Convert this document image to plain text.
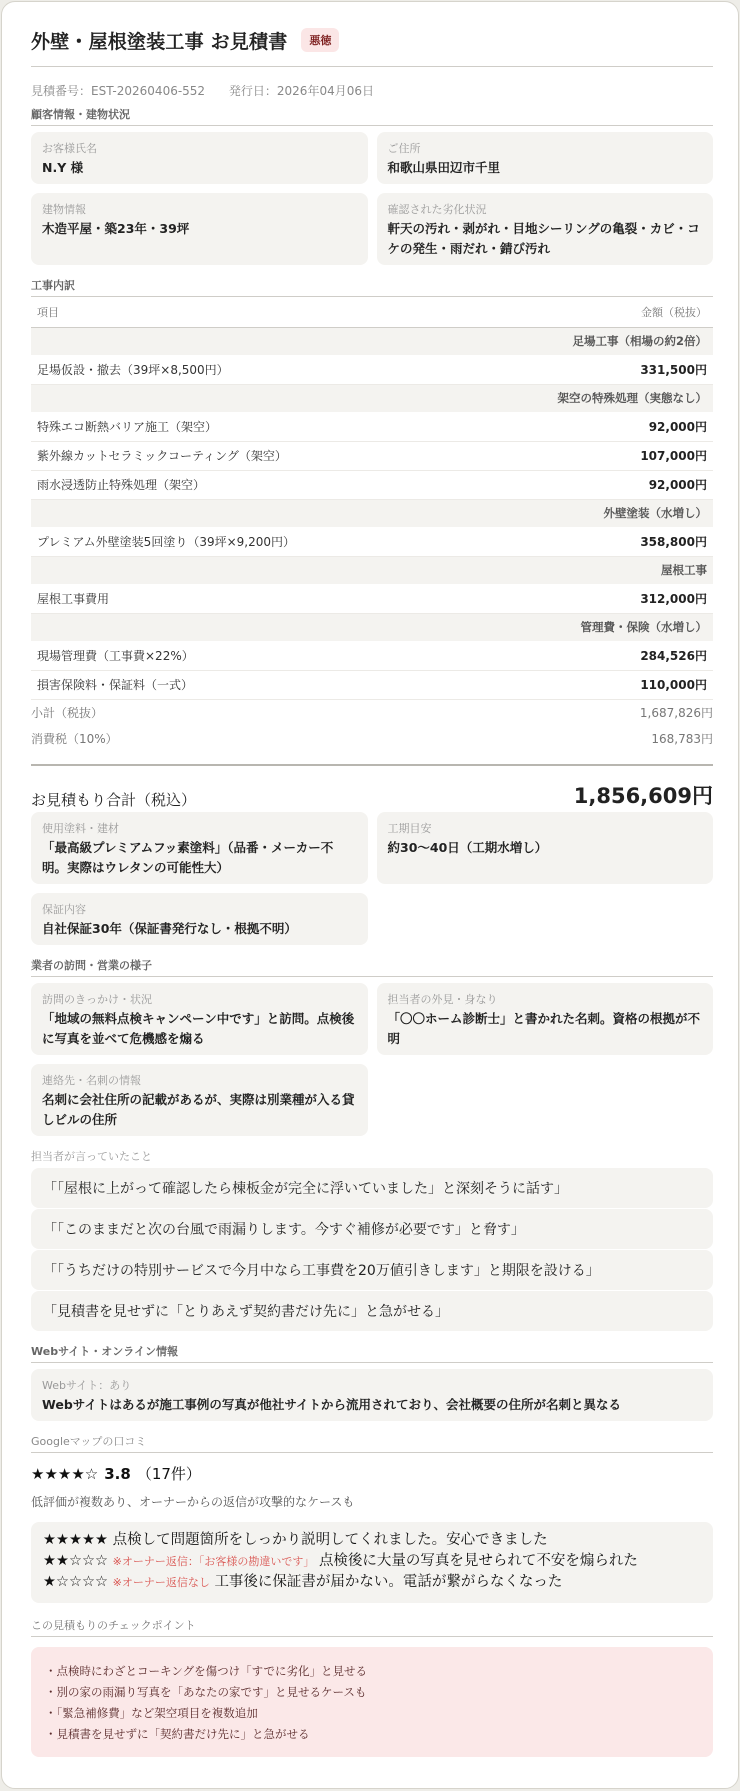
外壁・屋根塗装工事 お見積書	悪徳
見積番号：EST-20260406-552 発行日：2026年04月06日
顧客情報・建物状況
お客様氏名
N.Y 様
ご住所
和歌山県田辺市千里
建物情報
木造平屋・築23年・39坪
確認された劣化状況
軒天の汚れ・剥がれ・目地シーリングの亀裂・カビ・コケの発生・雨だれ・錆び汚れ
工事内訳
項目	金額（税抜）
足場工事（相場の約2倍）	
足場仮設・撤去（39坪×8,500円）	331,500円
架空の特殊処理（実態なし）	
特殊エコ断熱バリア施工（架空）	92,000円
紫外線カットセラミックコーティング（架空）	107,000円
雨水浸透防止特殊処理（架空）	92,000円
外壁塗装（水増し）	
プレミアム外壁塗装5回塗り（39坪×9,200円）	358,800円
屋根工事	
屋根工事費用	312,000円
管理費・保険（水増し）	
現場管理費（工事費×22%）	284,526円
損害保険料・保証料（一式）	110,000円
小計（税抜）	1,687,826円
消費税（10%）	168,783円
お見積もり合計（税込）	1,856,609円
使用塗料・建材
「最高級プレミアムフッ素塗料」（品番・メーカー不明。実際はウレタンの可能性大）
工期目安
約30〜40日（工期水増し）
保証内容
自社保証30年（保証書発行なし・根拠不明）
業者の訪問・営業の様子
訪問のきっかけ・状況
「地域の無料点検キャンペーン中です」と訪問。点検後に写真を並べて危機感を煽る
担当者の外見・身なり
「〇〇ホーム診断士」と書かれた名刺。資格の根拠が不明
連絡先・名刺の情報
名刺に会社住所の記載があるが、実際は別業種が入る貸しビルの住所
担当者が言っていたこと
「「屋根に上がって確認したら棟板金が完全に浮いていました」と深刻そうに話す」
「「このままだと次の台風で雨漏りします。今すぐ補修が必要です」と脅す」
「「うちだけの特別サービスで今月中なら工事費を20万値引きします」と期限を設ける」
「見積書を見せずに「とりあえず契約書だけ先に」と急がせる」
Webサイト・オンライン情報
Webサイト：あり
Webサイトはあるが施工事例の写真が他社サイトから流用されており、会社概要の住所が名刺と異なる
Googleマップの口コミ
★★★★☆ 3.8 （17件）
低評価が複数あり、オーナーからの返信が攻撃的なケースも
★★★★★ 点検して問題箇所をしっかり説明してくれました。安心できました
★★☆☆☆ ※オーナー返信：「お客様の勘違いです」 点検後に大量の写真を見せられて不安を煽られた
★☆☆☆☆ ※オーナー返信なし 工事後に保証書が届かない。電話が繋がらなくなった
この見積もりのチェックポイント
・点検時にわざとコーキングを傷つけ「すでに劣化」と見せる
・別の家の雨漏り写真を「あなたの家です」と見せるケースも
・「緊急補修費」など架空項目を複数追加
・見積書を見せずに「契約書だけ先に」と急がせる
